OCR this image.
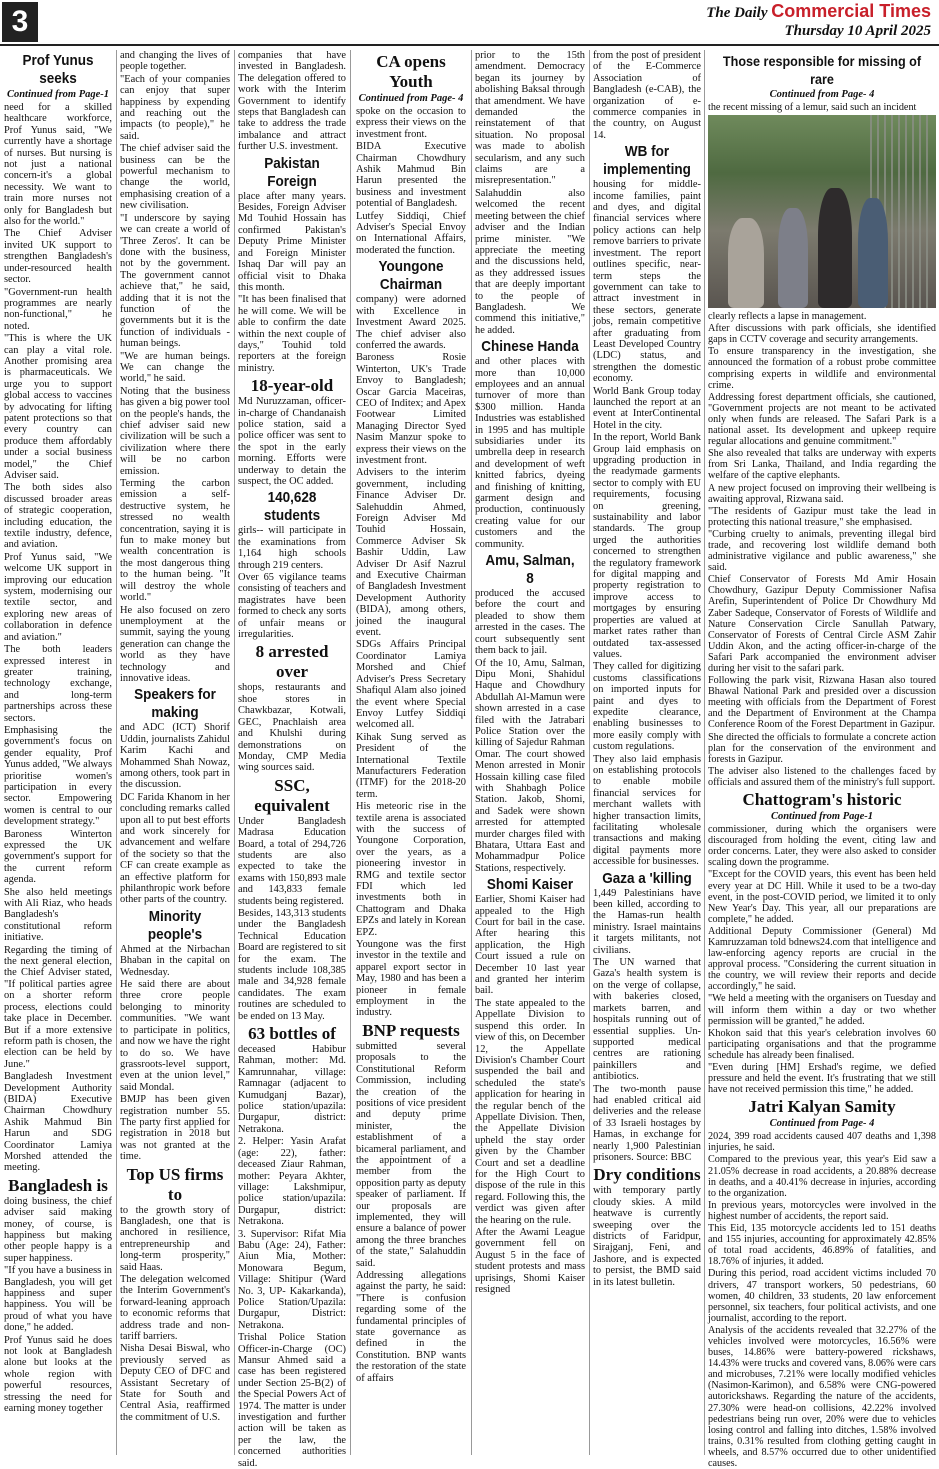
3	The Daily Commercial Times
Thursday 10 April 2025
Prof Yunus seeks
Continued from Page-1

need for a skilled healthcare workforce, Prof Yunus said, "We currently have a shortage of nurses. But nursing is not just a national concern-it's a global necessity. We want to train more nurses not only for Bangladesh but also for the world."

The Chief Adviser invited UK support to strengthen Bangladesh's under-resourced health sector.

"Government-run health programmes are nearly non-functional," he noted.

"This is where the UK can play a vital role. Another promising area is pharmaceuticals. We urge you to support global access to vaccines by advocating for lifting patent protections so that every country can produce them affordably under a social business model," the Chief Adviser said.

The both sides also discussed broader areas of strategic cooperation, including education, the textile industry, defence, and aviation.

Prof Yunus said, "We welcome UK support in improving our education system, modernising our textile sector, and exploring new areas of collaboration in defence and aviation."

The both leaders expressed interest in greater training, technology exchange, and long-term partnerships across these sectors.

Emphasising the government's focus on gender equality, Prof Yunus added, "We always prioritise women's participation in every sector. Empowering women is central to our development strategy."

Baroness Winterton expressed the UK government's support for the current reform agenda.

She also held meetings with Ali Riaz, who heads Bangladesh's constitutional reform initiative.

Regarding the timing of the next general election, the Chief Adviser stated, "If political parties agree on a shorter reform process, elections could take place in December. But if a more extensive reform path is chosen, the election can be held by June."

Bangladesh Investment Development Authority (BIDA) Executive Chairman Chowdhury Ashik Mahmud Bin Harun and SDG Coordinator Lamiya Morshed attended the meeting.

Bangladesh is

doing business, the chief adviser said making money, of course, is happiness but making other people happy is a super happiness.

"If you have a business in Bangladesh, you will get happiness and super happiness. You will be proud of what you have done," he added.

Prof Yunus said he does not look at Bangladesh alone but looks at the whole region with powerful resources, stressing the need for earning money together

and changing the lives of people together.

"Each of your companies can enjoy that super happiness by expending and reaching out the impacts (to people)," he said.

The chief adviser said the business can be the powerful mechanism to change the world, emphasising creation of a new civilisation.

"I underscore by saying we can create a world of 'Three Zeros'. It can be done with the business, not by the government. The government cannot achieve that," he said, adding that it is not the function of the governments but it is the function of individuals - human beings.

"We are human beings. We can change the world," he said.

Noting that the business has given a big power tool on the people's hands, the chief adviser said new civilization will be such a civilization where there will be no carbon emission.

Terming the carbon emission a self-destructive system, he stressed no wealth concentration, saying it is fun to make money but wealth concentration is the most dangerous thing to the human being. "It will destroy the whole world."

He also focused on zero unemployment at the summit, saying the young generation can change the world as they have technology and innovative ideas.

Speakers for making

and ADC (ICT) Shorif Uddin, journalists Zahidul Karim Kachi and Mohammed Shah Nowaz, among others, took part in the discussion.

DC Farida Khanom in her concluding remarks called upon all to put best efforts and work sincerely for advancement and welfare of the society so that the CF can create example as an effective platform for philanthropic work before other parts of the country.

Minority people's

Ahmed at the Nirbachan Bhaban in the capital on Wednesday.

He said there are about three crore people belonging to minority communities. "We want to participate in politics, and now we have the right to do so. We have grassroots-level support, even at the union level," said Mondal.

BMJP has been given registration number 55. The party first applied for registration in 2018 but was not granted at the time.

Top US firms to

to the growth story of Bangladesh, one that is anchored in resilience, entrepreneurship and long-term prosperity," said Haas.

The delegation welcomed the Interim Government's forward-leaning approach to economic reforms that address trade and non-tariff barriers.

Nisha Desai Biswal, who previously served as Deputy CEO of DFC and Assistant Secretary of State for South and Central Asia, reaffirmed the commitment of U.S.

companies that have invested in Bangladesh. The delegation offered to work with the Interim Government to identify steps that Bangladesh can take to address the trade imbalance and attract further U.S. investment.

Pakistan Foreign

place after many years. Besides, Foreign Adviser Md Touhid Hossain has confirmed Pakistan's Deputy Prime Minister and Foreign Minister Ishaq Dar will pay an official visit to Dhaka this month.

"It has been finalised that he will come. We will be able to confirm the date within the next couple of days," Touhid told reporters at the foreign ministry.

18-year-old

Md Nuruzzaman, officer-in-charge of Chandanaish police station, said a police officer was sent to the spot in the early morning. Efforts were underway to detain the suspect, the OC added.

140,628 students

girls-- will participate in the examinations from 1,164 high schools through 219 centers.

Over 65 vigilance teams consisting of teachers and magistrates have been formed to check any sorts of unfair means or irregularities.

8 arrested over

shops, restaurants and shoe stores in Chawkbazar, Kotwali, GEC, Pnachlaish area and Khulshi during demonstrations on Monday, CMP Media wing sources said.

SSC, equivalent

Under Bangladesh Madrasa Education Board, a total of 294,726 students are also expected to take the exams with 150,893 male and 143,833 female students being registered.

Besides, 143,313 students under the Bangladesh Technical Education Board are registered to sit for the exam. The students include 108,385 male and 34,928 female candidates. The exam routines are scheduled to be ended on 13 May.

63 bottles of

deceased Habibur Rahman, mother: Md. Kamrunnahar, village: Ramnagar (adjacent to Kumudganj Bazar), police station/upazila: Durgapur, district: Netrakona.

2. Helper: Yasin Arafat (age: 22), father: deceased Ziaur Rahman, mother: Peyara Akhter, village: Lakshmipur, police station/upazila: Durgapur, district: Netrakona.

3. Supervisor: Rifat Mia Babu (Age: 24), Father: Aiun Mia, Mother: Monowara Begum, Village: Shitipur (Ward No. 3, UP- Kakarkanda), Police Station/Upazila: Durgapur, District: Netrakona.

Trishal Police Station Officer-in-Charge (OC) Mansur Ahmed said a case has been registered under Section 25-B(2) of the Special Powers Act of 1974. The matter is under investigation and further action will be taken as per the law, the concerned authorities said.

CA opens Youth
Continued from Page- 4

spoke on the occasion to express their views on the investment front.

BIDA Executive Chairman Chowdhury Ashik Mahmud Bin Harun presented the business and investment potential of Bangladesh.

Lutfey Siddiqi, Chief Adviser's Special Envoy on International Affairs, moderated the function.

Youngone Chairman

company) were adorned with Excellence in Investment Award 2025. The chief adviser also conferred the awards.

Baroness Rosie Winterton, UK's Trade Envoy to Bangladesh; Oscar Garcia Maceiras, CEO of Inditex; and Apex Footwear Limited Managing Director Syed Nasim Manzur spoke to express their views on the investment front.

Advisers to the interim government, including Finance Adviser Dr. Salehuddin Ahmed, Foreign Adviser Md Touhid Hossain, Commerce Adviser Sk Bashir Uddin, Law Adviser Dr Asif Nazrul and Executive Chairman of Bangladesh Investment Development Authority (BIDA), among others, joined the inaugural event.

SDGs Affairs Principal Coordinator Lamiya Morshed and Chief Adviser's Press Secretary Shafiqul Alam also joined the event where Special Envoy Lutfey Siddiqi welcomed all.

Kihak Sung served as President of the International Textile Manufacturers Federation (ITMF) for the 2018-20 term.

His meteoric rise in the textile arena is associated with the success of Youngone Corporation, over the years, as a pioneering investor in RMG and textile sector FDI which led investments both in Chattogram and Dhaka EPZs and lately in Korean EPZ.

Youngone was the first investor in the textile and apparel export sector in May, 1980 and has been a pioneer in female employment in the industry.

BNP requests

submitted several proposals to the Constitutional Reform Commission, including the creation of the positions of vice president and deputy prime minister, the establishment of a bicameral parliament, and the appointment of a member from the opposition party as deputy speaker of parliament. If our proposals are implemented, they will ensure a balance of power among the three branches of the state," Salahuddin said.

Addressing allegations against the party, he said: "There is confusion regarding some of the fundamental principles of state governance as defined in the Constitution. BNP wants the restoration of the state of affairs

prior to the 15th amendment. Democracy began its journey by abolishing Baksal through that amendment. We have demanded the reinstatement of that situation. No proposal was made to abolish secularism, and any such claims are a misrepresentation."

Salahuddin also welcomed the recent meeting between the chief adviser and the Indian prime minister. "We appreciate the meeting and the discussions held, as they addressed issues that are deeply important to the people of Bangladesh. We commend this initiative," he added.

Chinese Handa

and other places with more than 10,000 employees and an annual turnover of more than $300 million. Handa Industries was established in 1995 and has multiple subsidiaries under its umbrella deep in research and development of weft knitted fabrics, dyeing and finishing of knitting, garment design and production, continuously creating value for our customers and the community.

Amu, Salman, 8

produced the accused before the court and pleaded to show them arrested in the cases. The court subsequently sent them back to jail.

Of the 10, Amu, Salman, Dipu Moni, Shahidul Haque and Chowdhury Abdullah Al-Mamun were shown arrested in a case filed with the Jatrabari Police Station over the killing of Sajedur Rahman Omar. The court showed Menon arrested in Monir Hossain killing case filed with Shahbagh Police Station. Jakob, Shomi, and Sadek were shown arrested for attempted murder charges filed with Bhatara, Uttara East and Mohammadpur Police Stations, respectively.

Shomi Kaiser

Earlier, Shomi Kaiser had appealed to the High Court for bail in the case. After hearing this application, the High Court issued a rule on December 10 last year and granted her interim bail.

The state appealed to the Appellate Division to suspend this order. In view of this, on December 12, the Appellate Division's Chamber Court suspended the bail and scheduled the state's application for hearing in the regular bench of the Appellate Division. Then, the Appellate Division upheld the stay order given by the Chamber Court and set a deadline for the High Court to dispose of the rule in this regard. Following this, the verdict was given after the hearing on the rule.

After the Awami League government fell on August 5 in the face of student protests and mass uprisings, Shomi Kaiser resigned

from the post of president of the E-Commerce Association of Bangladesh (e-CAB), the organization of e-commerce companies in the country, on August 14.

WB for implementing

housing for middle-income families, paint and dyes, and digital financial services where policy actions can help remove barriers to private investment. The report outlines specific, near-term steps the government can take to attract investment in these sectors, generate jobs, remain competitive after graduating from Least Developed Country (LDC) status, and strengthen the domestic economy.

World Bank Group today launched the report at an event at InterContinental Hotel in the city.

In the report, World Bank Group laid emphasis on upgrading production in the readymade garments sector to comply with EU requirements, focusing on greening, sustainability and labor standards. The group urged the authorities concerned to strengthen the regulatory framework for digital mapping and property registration to improve access to mortgages by ensuring properties are valued at market rates rather than outdated tax-assessed values.

They called for digitizing customs classifications on imported inputs for paint and dyes to expedite clearance, enabling businesses to more easily comply with custom regulations.

They also laid emphasis on establishing protocols to enable mobile financial services for merchant wallets with higher transaction limits, facilitating wholesale transactions and making digital payments more accessible for businesses.

Gaza a 'killing

1,449 Palestinians have been killed, according to the Hamas-run health ministry. Israel maintains it targets militants, not civilians.

The UN warned that Gaza's health system is on the verge of collapse, with bakeries closed, markets barren, and hospitals running out of essential supplies. Un-supported medical centres are rationing painkillers and antibiotics.

The two-month pause had enabled critical aid deliveries and the release of 33 Israeli hostages by Hamas, in exchange for nearly 1,900 Palestinian prisoners. Source: BBC

Dry conditions

with temporary partly cloudy skies. A mild heatwave is currently sweeping over the districts of Faridpur, Sirajganj, Feni, and Jashore, and is expected to persist, the BMD said in its latest bulletin.

Those responsible for missing of rare
Continued from Page- 4

the recent missing of a lemur, said such an incident

clearly reflects a lapse in management.

After discussions with park officials, she identified gaps in CCTV coverage and security arrangements.

To ensure transparency in the investigation, she announced the formation of a robust probe committee comprising experts in wildlife and environmental crime.

Addressing forest department officials, she cautioned, "Government projects are not meant to be activated only when funds are released. The Safari Park is a national asset. Its development and upkeep require regular allocations and genuine commitment."

She also revealed that talks are underway with experts from Sri Lanka, Thailand, and India regarding the welfare of the captive elephants.

A new project focused on improving their wellbeing is awaiting approval, Rizwana said.

"The residents of Gazipur must take the lead in protecting this national treasure," she emphasised.

"Curbing cruelty to animals, preventing illegal bird trade, and recovering lost wildlife demand both administrative vigilance and public awareness," she said.

Chief Conservator of Forests Md Amir Hosain Chowdhury, Gazipur Deputy Commissioner Nafisa Arefin, Superintendent of Police Dr Chowdhury Md Zaber Sadeque, Conservator of Forests of Wildlife and Nature Conservation Circle Sanullah Patwary, Conservator of Forests of Central Circle ASM Zahir Uddin Akon, and the acting officer-in-charge of the Safari Park accompanied the environment adviser during her visit to the safari park.

Following the park visit, Rizwana Hasan also toured Bhawal National Park and presided over a discussion meeting with officials from the Department of Forest and the Department of Environment at the Champa Conference Room of the Forest Department in Gazipur.

She directed the officials to formulate a concrete action plan for the conservation of the environment and forests in Gazipur.

The adviser also listened to the challenges faced by officials and assured them of the ministry's full support.

Chattogram's historic
Continued from Page-1

commissioner, during which the organisers were discouraged from holding the event, citing law and order concerns. Later, they were also asked to consider scaling down the programme.

"Except for the COVID years, this event has been held every year at DC Hill. While it used to be a two-day event, in the post-COVID period, we limited it to only New Year's Day. This year, all our preparations are complete," he added.

Additional Deputy Commissioner (General) Md Kamruzzaman told bdnews24.com that intelligence and law-enforcing agency reports are crucial in the approval process. "Considering the current situation in the country, we will review their reports and decide accordingly," he said.

"We held a meeting with the organisers on Tuesday and will inform them within a day or two whether permission will be granted," he added.

Khokon said that this year's celebration involves 60 participating organisations and that the programme schedule has already been finalised.

"Even during [HM] Ershad's regime, we defied pressure and held the event. It's frustrating that we still have not received permission this time," he added.

Jatri Kalyan Samity
Continued from Page- 4

2024, 399 road accidents caused 407 deaths and 1,398 injuries, he said.

Compared to the previous year, this year's Eid saw a 21.05% decrease in road accidents, a 20.88% decrease in deaths, and a 40.41% decrease in injuries, according to the organization.

In previous years, motorcycles were involved in the highest number of accidents, the report said.

This Eid, 135 motorcycle accidents led to 151 deaths and 155 injuries, accounting for approximately 42.85% of total road accidents, 46.89% of fatalities, and 18.76% of injuries, it added.

During this period, road accident victims included 70 drivers, 47 transport workers, 50 pedestrians, 60 women, 40 children, 33 students, 20 law enforcement personnel, six teachers, four political activists, and one journalist, according to the report.

Analysis of the accidents revealed that 32.27% of the vehicles involved were motorcycles, 16.56% were buses, 14.86% were battery-powered rickshaws, 14.43% were trucks and covered vans, 8.06% were cars and microbuses, 7.21% were locally modified vehicles (Nasimon-Karimon), and 6.58% were CNG-powered autorickshaws. Regarding the nature of the accidents, 27.30% were head-on collisions, 42.22% involved pedestrians being run over, 20% were due to vehicles losing control and falling into ditches, 1.58% involved trains, 0.31% resulted from clothing getting caught in wheels, and 8.57% occurred due to other unidentified causes.
